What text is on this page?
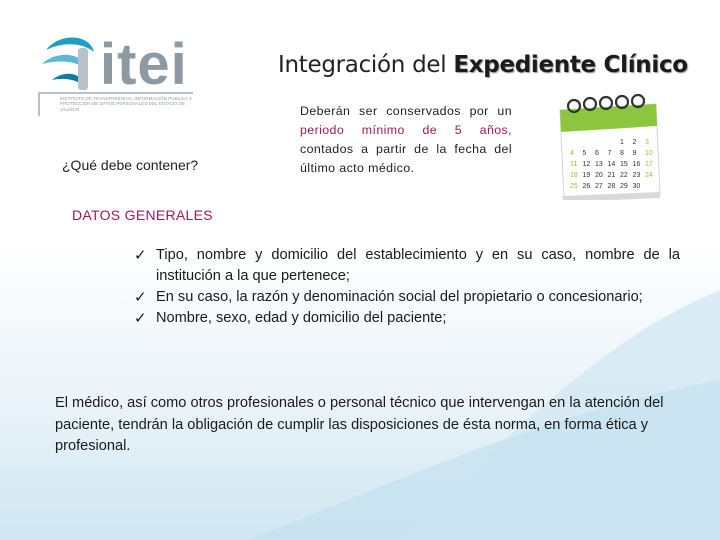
itei
INSTITUTO DE TRANSPARENCIA, INFORMACIÓN PÚBLICA Y PROTECCIÓN DE DATOS PERSONALES DEL ESTADO DE JALISCO
Integración del Expediente Clínico
¿Qué debe contener?
Deberán ser conservados por un periodo mínimo de 5 años, contados a partir de la fecha del último acto médico.
1 2 3
4 5 6 7 8 9 10
11 12 13 14 15 16 17
18 19 20 21 22 23 24
25 26 27 28 29 30
DATOS GENERALES
✓ Tipo, nombre y domicilio del establecimiento y en su caso, nombre de la institución a la que pertenece;
✓ En su caso, la razón y denominación social del propietario o concesionario;
✓ Nombre, sexo, edad y domicilio del paciente;
El médico, así como otros profesionales o personal técnico que intervengan en la atención del paciente, tendrán la obligación de cumplir las disposiciones de ésta norma, en forma ética y profesional.
